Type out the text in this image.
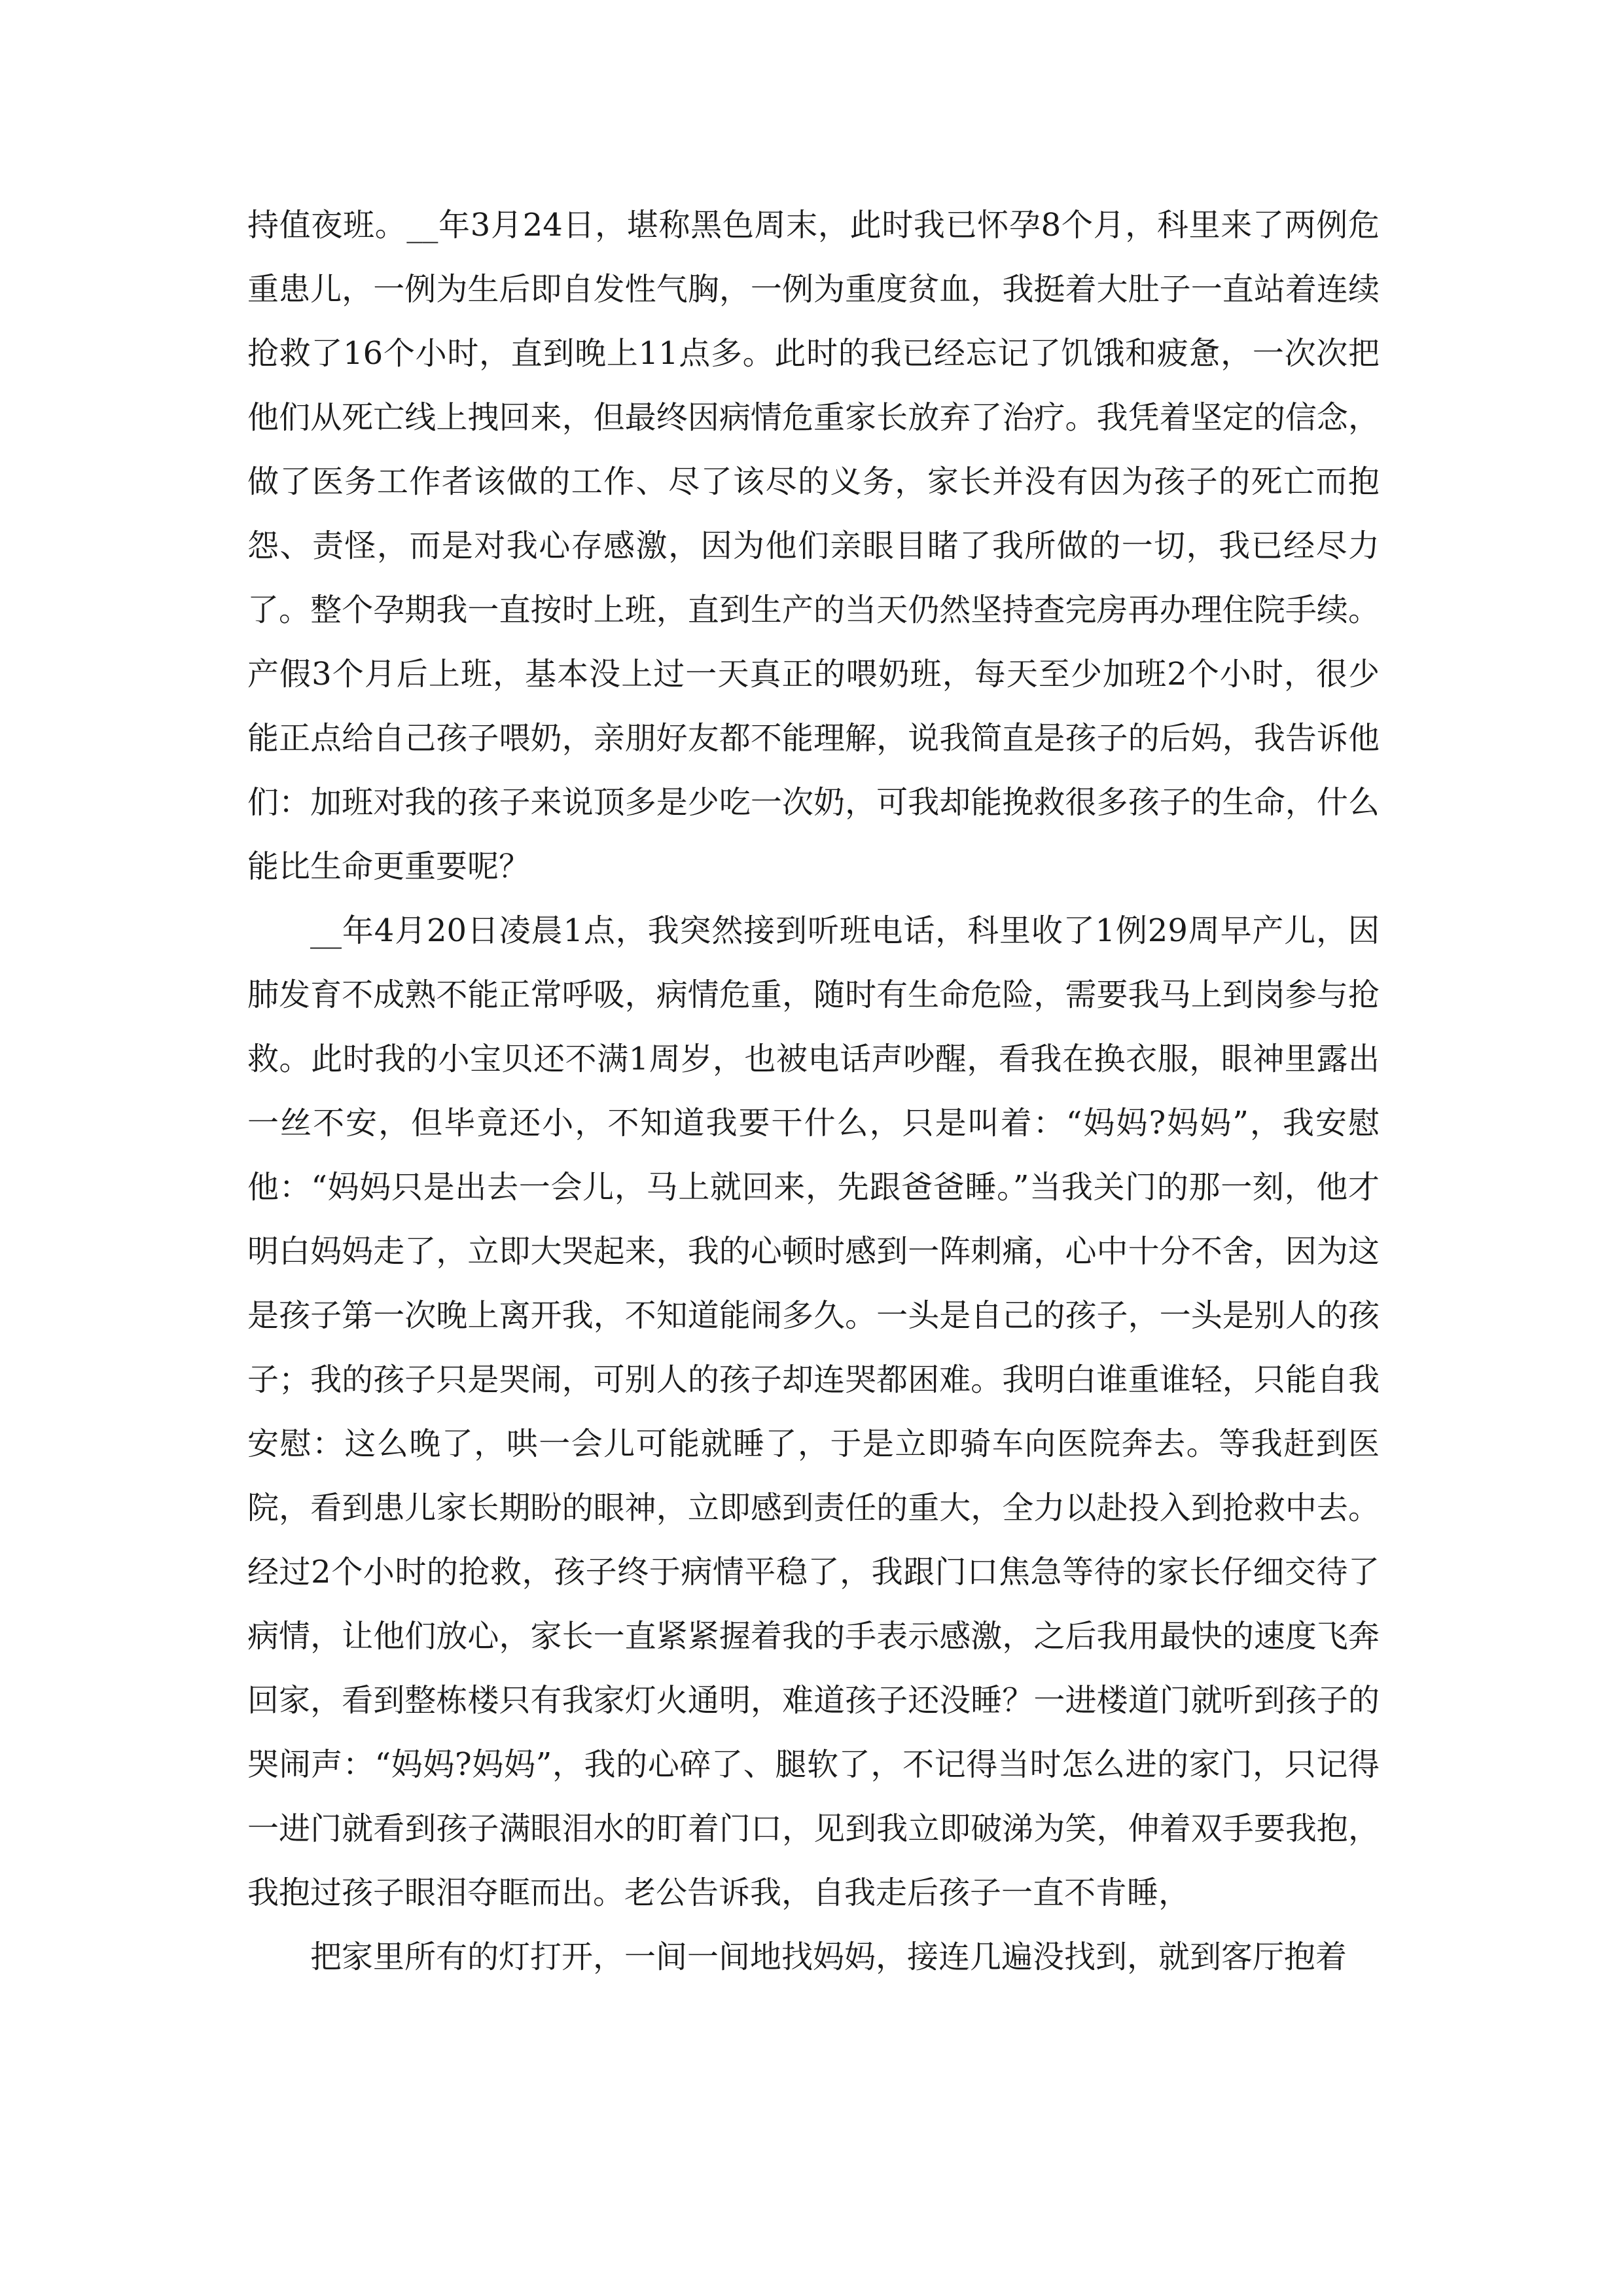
持值夜班。__年3月24日，堪称黑色周末，此时我已怀孕8个月，科里来了两例危重患儿，一例为生后即自发性气胸，一例为重度贫血，我挺着大肚子一直站着连续抢救了16个小时，直到晚上11点多。此时的我已经忘记了饥饿和疲惫，一次次把他们从死亡线上拽回来，但最终因病情危重家长放弃了治疗。我凭着坚定的信念，做了医务工作者该做的工作、尽了该尽的义务，家长并没有因为孩子的死亡而抱怨、责怪，而是对我心存感激，因为他们亲眼目睹了我所做的一切，我已经尽力了。整个孕期我一直按时上班，直到生产的当天仍然坚持查完房再办理住院手续。产假3个月后上班，基本没上过一天真正的喂奶班，每天至少加班2个小时，很少能正点给自己孩子喂奶，亲朋好友都不能理解，说我简直是孩子的后妈，我告诉他们：加班对我的孩子来说顶多是少吃一次奶，可我却能挽救很多孩子的生命，什么能比生命更重要呢？

__年4月20日凌晨1点，我突然接到听班电话，科里收了1例29周早产儿，因肺发育不成熟不能正常呼吸，病情危重，随时有生命危险，需要我马上到岗参与抢救。此时我的小宝贝还不满1周岁，也被电话声吵醒，看我在换衣服，眼神里露出一丝不安，但毕竟还小，不知道我要干什么，只是叫着：“妈妈?妈妈”，我安慰他：“妈妈只是出去一会儿，马上就回来，先跟爸爸睡。”当我关门的那一刻，他才明白妈妈走了，立即大哭起来，我的心顿时感到一阵刺痛，心中十分不舍，因为这是孩子第一次晚上离开我，不知道能闹多久。一头是自己的孩子，一头是别人的孩子；我的孩子只是哭闹，可别人的孩子却连哭都困难。我明白谁重谁轻，只能自我安慰：这么晚了，哄一会儿可能就睡了，于是立即骑车向医院奔去。等我赶到医院，看到患儿家长期盼的眼神，立即感到责任的重大，全力以赴投入到抢救中去。经过2个小时的抢救，孩子终于病情平稳了，我跟门口焦急等待的家长仔细交待了病情，让他们放心，家长一直紧紧握着我的手表示感激，之后我用最快的速度飞奔回家，看到整栋楼只有我家灯火通明，难道孩子还没睡？一进楼道门就听到孩子的哭闹声：“妈妈?妈妈”，我的心碎了、腿软了，不记得当时怎么进的家门，只记得一进门就看到孩子满眼泪水的盯着门口，见到我立即破涕为笑，伸着双手要我抱，我抱过孩子眼泪夺眶而出。老公告诉我，自我走后孩子一直不肯睡，

把家里所有的灯打开，一间一间地找妈妈，接连几遍没找到，就到客厅抱着
